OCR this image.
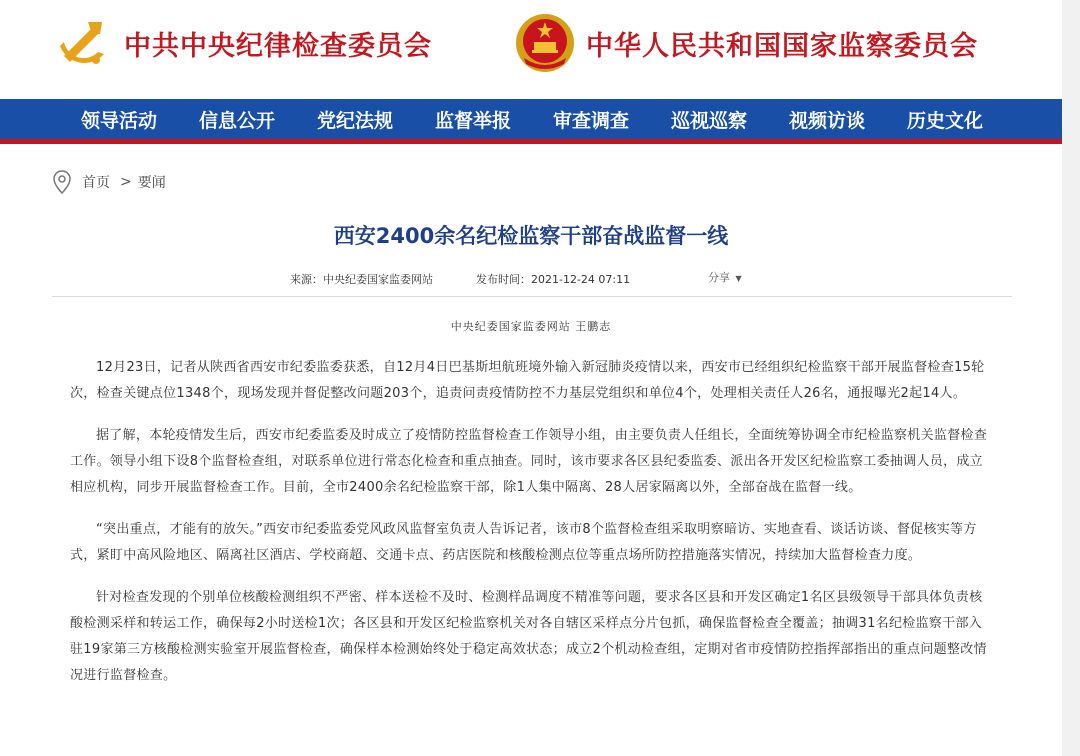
中共中央纪律检查委员会	中华人民共和国国家监察委员会
领导活动	信息公开	党纪法规	监督举报	审查调查	巡视巡察	视频访谈	历史文化
首页 > 要闻
西安2400余名纪检监察干部奋战监督一线
来源：中央纪委国家监委网站	发布时间：2021-12-24 07:11	分享 ▼
中央纪委国家监委网站 王鹏志

12月23日，记者从陕西省西安市纪委监委获悉，自12月4日巴基斯坦航班境外输入新冠肺炎疫情以来，西安市已经组织纪检监察干部开展监督检查15轮次，检查关键点位1348个，现场发现并督促整改问题203个，追责问责疫情防控不力基层党组织和单位4个，处理相关责任人26名，通报曝光2起14人。

据了解，本轮疫情发生后，西安市纪委监委及时成立了疫情防控监督检查工作领导小组，由主要负责人任组长，全面统筹协调全市纪检监察机关监督检查工作。领导小组下设8个监督检查组，对联系单位进行常态化检查和重点抽查。同时，该市要求各区县纪委监委、派出各开发区纪检监察工委抽调人员，成立相应机构，同步开展监督检查工作。目前，全市2400余名纪检监察干部，除1人集中隔离、28人居家隔离以外，全部奋战在监督一线。

“突出重点，才能有的放矢。”西安市纪委监委党风政风监督室负责人告诉记者，该市8个监督检查组采取明察暗访、实地查看、谈话访谈、督促核实等方式，紧盯中高风险地区、隔离社区酒店、学校商超、交通卡点、药店医院和核酸检测点位等重点场所防控措施落实情况，持续加大监督检查力度。

针对检查发现的个别单位核酸检测组织不严密、样本送检不及时、检测样品调度不精准等问题，要求各区县和开发区确定1名区县级领导干部具体负责核酸检测采样和转运工作，确保每2小时送检1次；各区县和开发区纪检监察机关对各自辖区采样点分片包抓，确保监督检查全覆盖；抽调31名纪检监察干部入驻19家第三方核酸检测实验室开展监督检查，确保样本检测始终处于稳定高效状态；成立2个机动检查组，定期对省市疫情防控指挥部指出的重点问题整改情况进行监督检查。
